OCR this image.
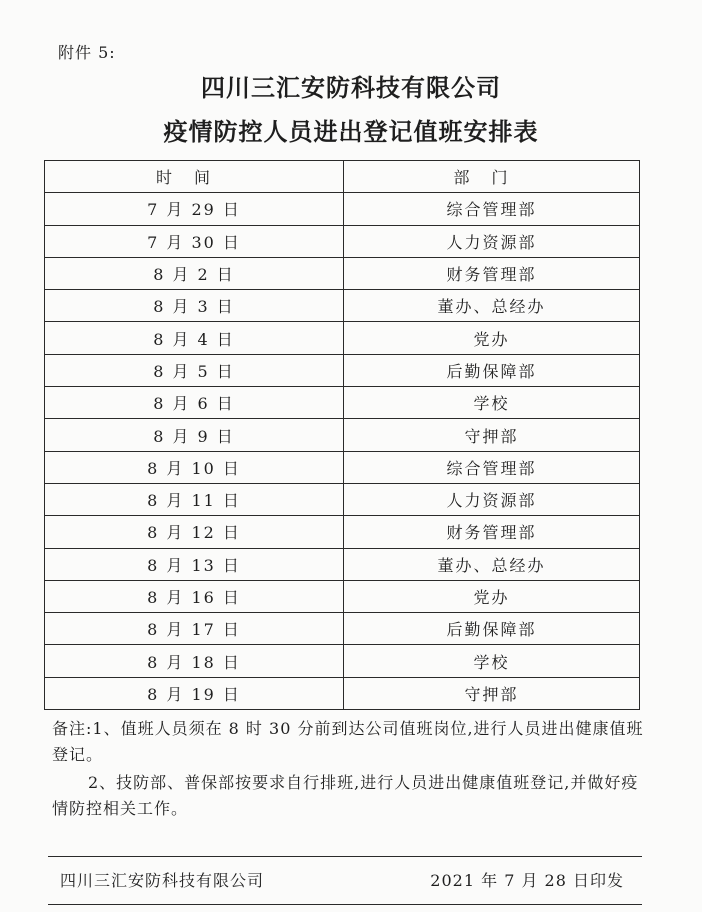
附件 5:
四川三汇安防科技有限公司
疫情防控人员进出登记值班安排表
时间	部门
7 月 29 日	综合管理部
7 月 30 日	人力资源部
8 月 2 日	财务管理部
8 月 3 日	董办、总经办
8 月 4 日	党办
8 月 5 日	后勤保障部
8 月 6 日	学校
8 月 9 日	守押部
8 月 10 日	综合管理部
8 月 11 日	人力资源部
8 月 12 日	财务管理部
8 月 13 日	董办、总经办
8 月 16 日	党办
8 月 17 日	后勤保障部
8 月 18 日	学校
8 月 19 日	守押部

备注:1、值班人员须在 8 时 30 分前到达公司值班岗位,进行人员进出健康值班登记。

2、技防部、普保部按要求自行排班,进行人员进出健康值班登记,并做好疫情防控相关工作。

四川三汇安防科技有限公司	2021 年 7 月 28 日印发
